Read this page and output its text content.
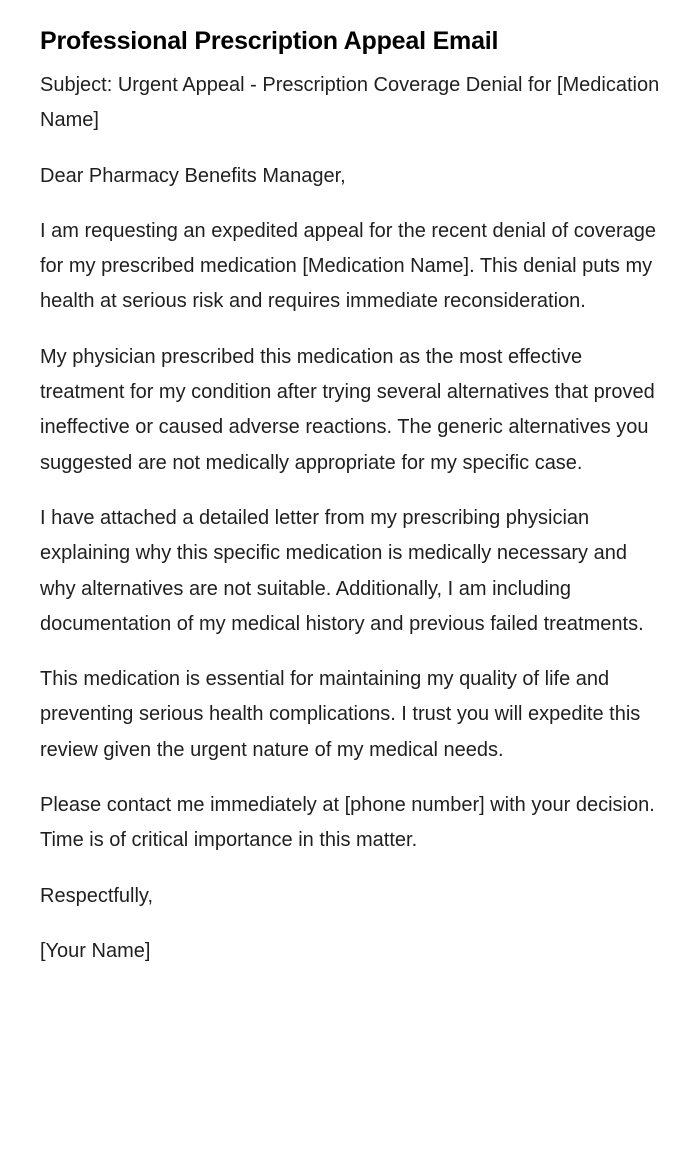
Professional Prescription Appeal Email

Subject: Urgent Appeal - Prescription Coverage Denial for [Medication Name]

Dear Pharmacy Benefits Manager,

I am requesting an expedited appeal for the recent denial of coverage for my prescribed medication [Medication Name]. This denial puts my health at serious risk and requires immediate reconsideration.

My physician prescribed this medication as the most effective treatment for my condition after trying several alternatives that proved ineffective or caused adverse reactions. The generic alternatives you suggested are not medically appropriate for my specific case.

I have attached a detailed letter from my prescribing physician explaining why this specific medication is medically necessary and why alternatives are not suitable. Additionally, I am including documentation of my medical history and previous failed treatments.

This medication is essential for maintaining my quality of life and preventing serious health complications. I trust you will expedite this review given the urgent nature of my medical needs.

Please contact me immediately at [phone number] with your decision. Time is of critical importance in this matter.

Respectfully,

[Your Name]
